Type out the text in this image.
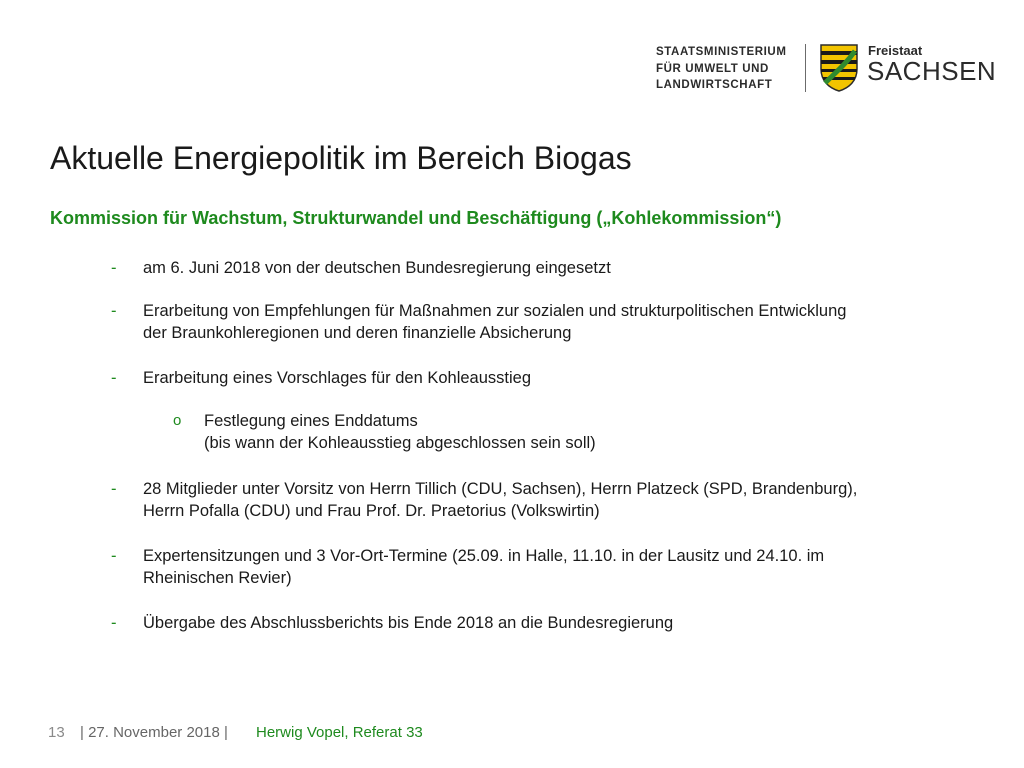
STAATSMINISTERIUM
FÜR UMWELT UND
LANDWIRTSCHAFT
Freistaat
SACHSEN
Aktuelle Energiepolitik im Bereich Biogas
Kommission für Wachstum, Strukturwandel und Beschäftigung („Kohlekommission“)
- am 6. Juni 2018 von der deutschen Bundesregierung eingesetzt
- Erarbeitung von Empfehlungen für Maßnahmen zur sozialen und strukturpolitischen Entwicklung
der Braunkohleregionen und deren finanzielle Absicherung
- Erarbeitung eines Vorschlages für den Kohleausstieg
o Festlegung eines Enddatums
(bis wann der Kohleausstieg abgeschlossen sein soll)
- 28 Mitglieder unter Vorsitz von Herrn Tillich (CDU, Sachsen), Herrn Platzeck (SPD, Brandenburg),
Herrn Pofalla (CDU) und Frau Prof. Dr. Praetorius (Volkswirtin)
- Expertensitzungen und 3 Vor-Ort-Termine (25.09. in Halle, 11.10. in der Lausitz und 24.10. im
Rheinischen Revier)
- Übergabe des Abschlussberichts bis Ende 2018 an die Bundesregierung
13 | 27. November 2018 | Herwig Vopel, Referat 33
